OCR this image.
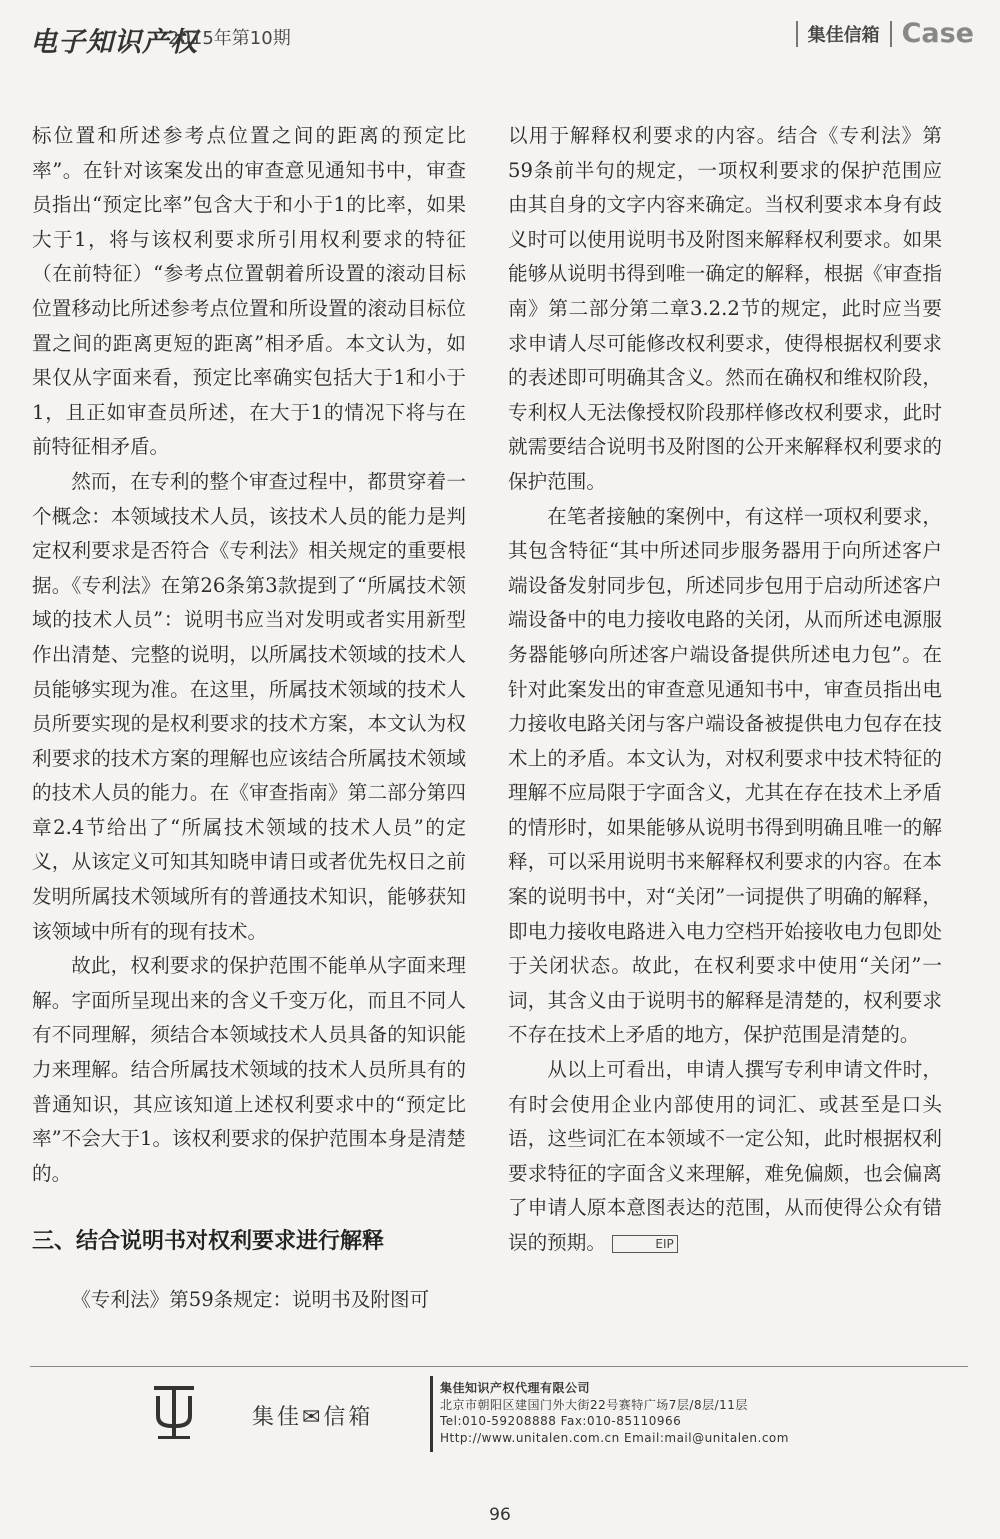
电子知识产权
2015年第10期	集佳信箱 Case

标位置和所述参考点位置之间的距离的预定比率”。在针对该案发出的审查意见通知书中，审查员指出“预定比率”包含大于和小于1的比率，如果大于1，将与该权利要求所引用权利要求的特征（在前特征）“参考点位置朝着所设置的滚动目标位置移动比所述参考点位置和所设置的滚动目标位置之间的距离更短的距离”相矛盾。本文认为，如果仅从字面来看，预定比率确实包括大于1和小于1，且正如审查员所述，在大于1的情况下将与在前特征相矛盾。

然而，在专利的整个审查过程中，都贯穿着一个概念：本领域技术人员，该技术人员的能力是判定权利要求是否符合《专利法》相关规定的重要根据。《专利法》在第26条第3款提到了“所属技术领域的技术人员”：说明书应当对发明或者实用新型作出清楚、完整的说明，以所属技术领域的技术人员能够实现为准。在这里，所属技术领域的技术人员所要实现的是权利要求的技术方案，本文认为权利要求的技术方案的理解也应该结合所属技术领域的技术人员的能力。在《审查指南》第二部分第四章2.4节给出了“所属技术领域的技术人员”的定义，从该定义可知其知晓申请日或者优先权日之前发明所属技术领域所有的普通技术知识，能够获知该领域中所有的现有技术。

故此，权利要求的保护范围不能单从字面来理解。字面所呈现出来的含义千变万化，而且不同人有不同理解，须结合本领域技术人员具备的知识能力来理解。结合所属技术领域的技术人员所具有的普通知识，其应该知道上述权利要求中的“预定比率”不会大于1。该权利要求的保护范围本身是清楚的。

三、结合说明书对权利要求进行解释

《专利法》第59条规定：说明书及附图可

以用于解释权利要求的内容。结合《专利法》第59条前半句的规定，一项权利要求的保护范围应由其自身的文字内容来确定。当权利要求本身有歧义时可以使用说明书及附图来解释权利要求。如果能够从说明书得到唯一确定的解释，根据《审查指南》第二部分第二章3.2.2节的规定，此时应当要求申请人尽可能修改权利要求，使得根据权利要求的表述即可明确其含义。然而在确权和维权阶段，专利权人无法像授权阶段那样修改权利要求，此时就需要结合说明书及附图的公开来解释权利要求的保护范围。

在笔者接触的案例中，有这样一项权利要求，其包含特征“其中所述同步服务器用于向所述客户端设备发射同步包，所述同步包用于启动所述客户端设备中的电力接收电路的关闭，从而所述电源服务器能够向所述客户端设备提供所述电力包”。在针对此案发出的审查意见通知书中，审查员指出电力接收电路关闭与客户端设备被提供电力包存在技术上的矛盾。本文认为，对权利要求中技术特征的理解不应局限于字面含义，尤其在存在技术上矛盾的情形时，如果能够从说明书得到明确且唯一的解释，可以采用说明书来解释权利要求的内容。在本案的说明书中，对“关闭”一词提供了明确的解释，即电力接收电路进入电力空档开始接收电力包即处于关闭状态。故此，在权利要求中使用“关闭”一词，其含义由于说明书的解释是清楚的，权利要求不存在技术上矛盾的地方，保护范围是清楚的。

从以上可看出，申请人撰写专利申请文件时，有时会使用企业内部使用的词汇、或甚至是口头语，这些词汇在本领域不一定公知，此时根据权利要求特征的字面含义来理解，难免偏颇，也会偏离了申请人原本意图表达的范围，从而使得公众有错误的预期。	EIP

集佳✉信箱
集佳知识产权代理有限公司
北京市朝阳区建国门外大街22号赛特广场7层/8层/11层
Tel:010-59208888 Fax:010-85110966
Http://www.unitalen.com.cn Email:mail@unitalen.com
96
